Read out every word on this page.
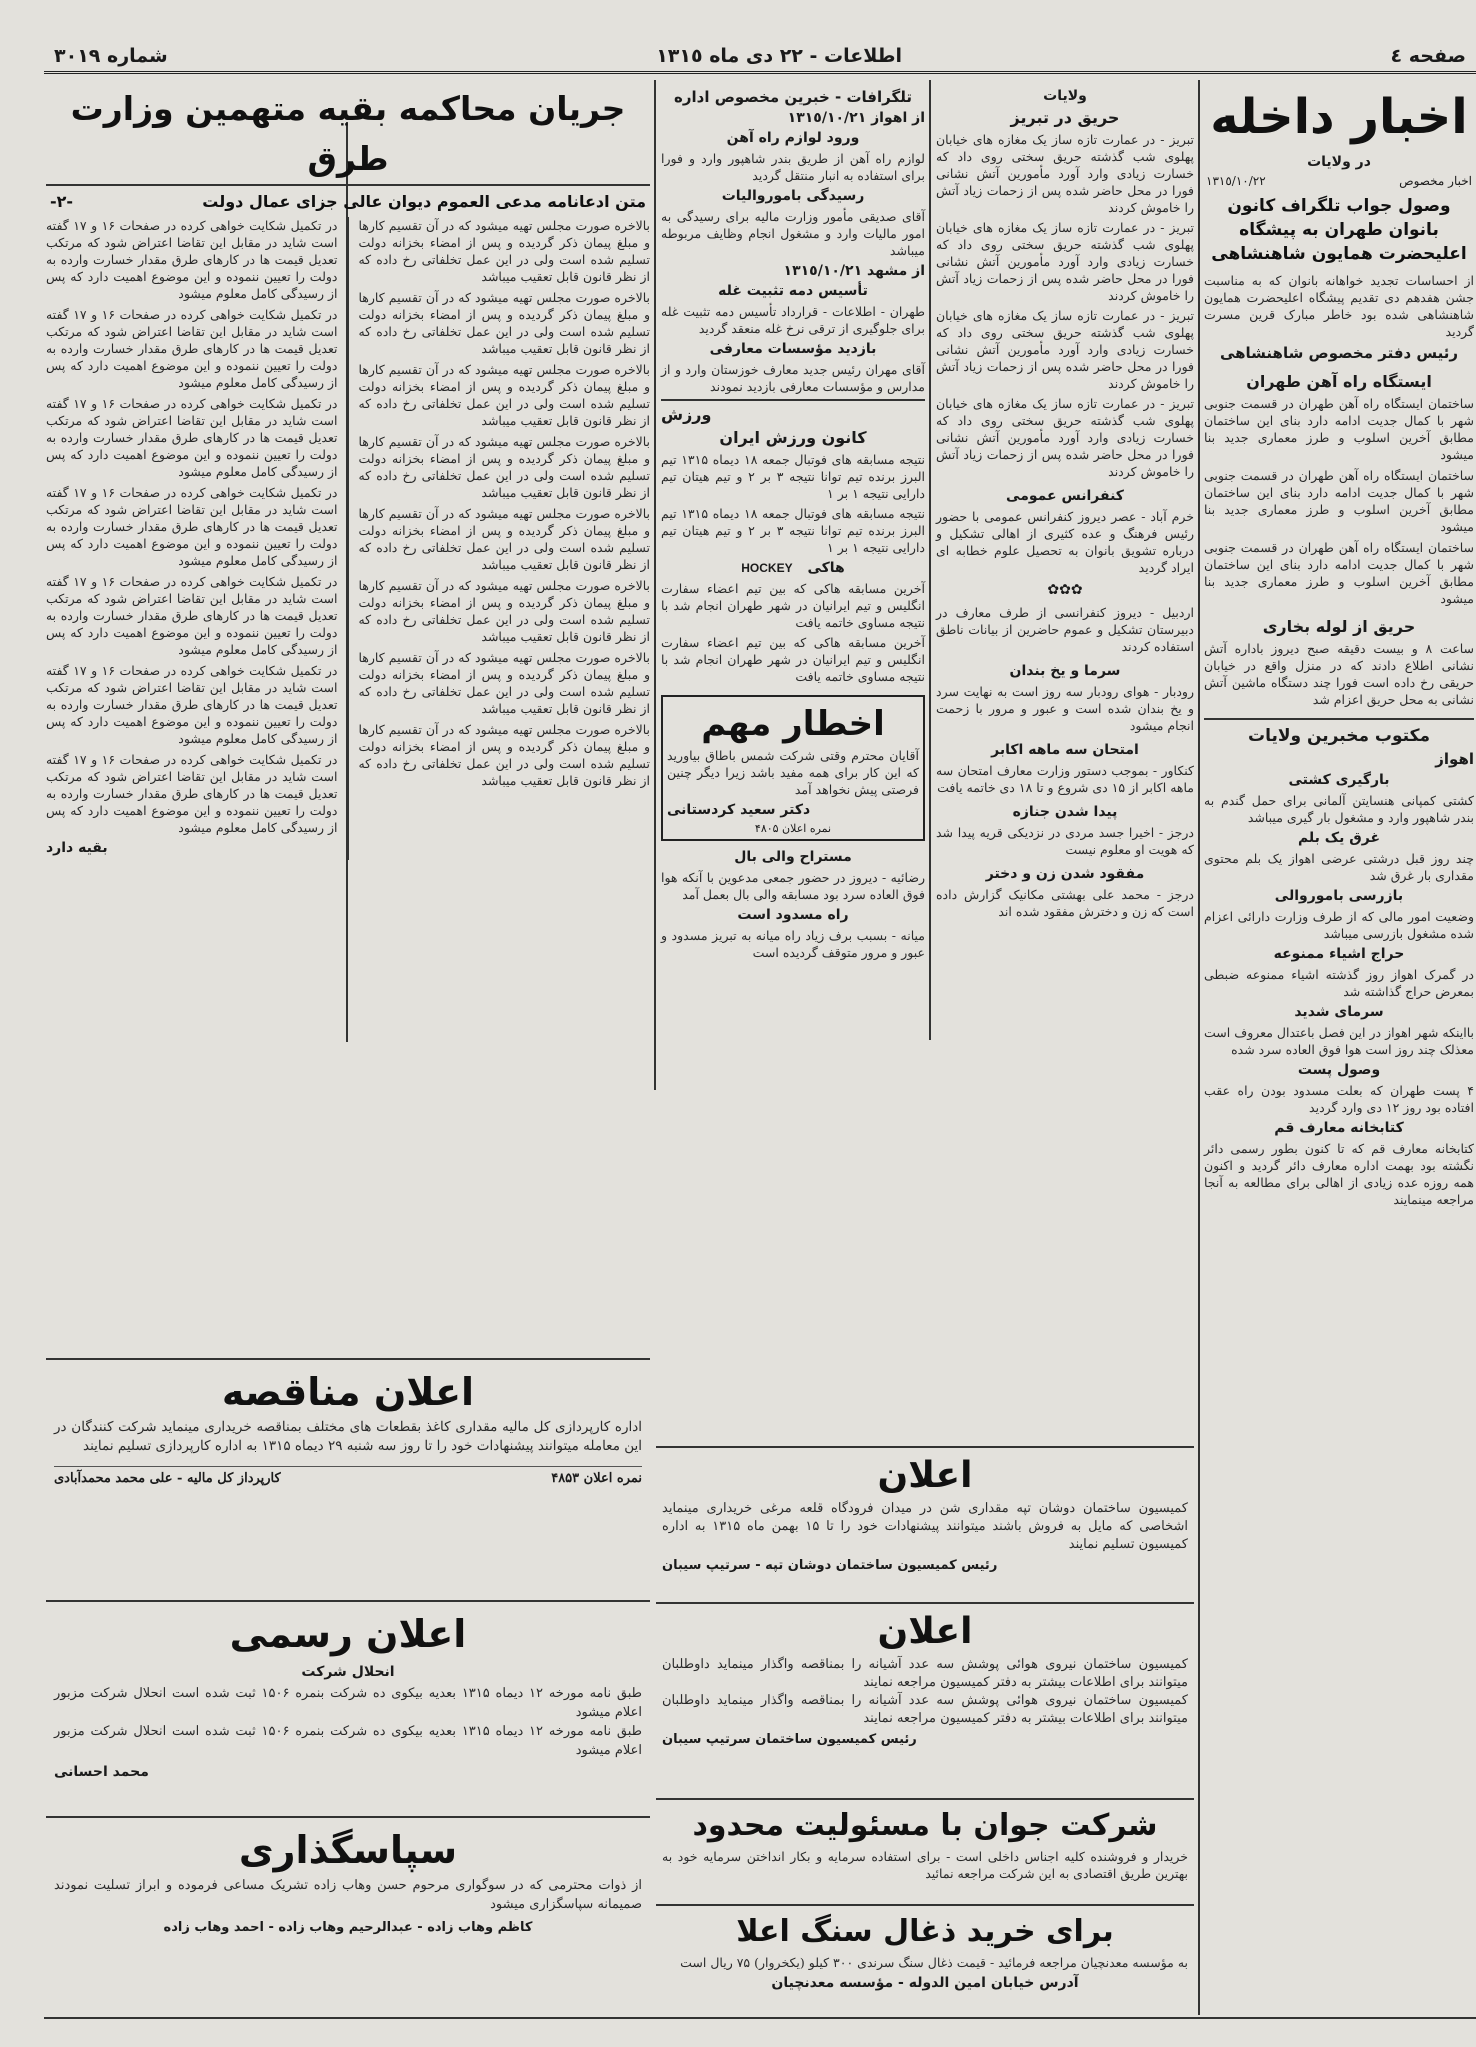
صفحه ٤
اطلاعات - ٢٢ دی ماه ١٣١٥
شماره ٣٠١٩
اخبار داخله
در ولایات
اخبار مخصوص
١٣١٥/١٠/٢٢
وصول جواب تلگراف کانون بانوان طهران به پیشگاه اعلیحضرت همایون شاهنشاهی
از احساسات تجدید خواهانه بانوان که به مناسبت جشن هفدهم دی تقدیم پیشگاه اعلیحضرت همایون شاهنشاهی شده بود خاطر مبارک قرین مسرت گردید
رئیس دفتر مخصوص شاهنشاهی
ایستگاه راه آهن طهران
ساختمان ایستگاه راه آهن طهران در قسمت جنوبی شهر با کمال جدیت ادامه دارد بنای این ساختمان مطابق آخرین اسلوب و طرز معماری جدید بنا میشود
ساختمان ایستگاه راه آهن طهران در قسمت جنوبی شهر با کمال جدیت ادامه دارد بنای این ساختمان مطابق آخرین اسلوب و طرز معماری جدید بنا میشود
ساختمان ایستگاه راه آهن طهران در قسمت جنوبی شهر با کمال جدیت ادامه دارد بنای این ساختمان مطابق آخرین اسلوب و طرز معماری جدید بنا میشود
حریق از لوله بخاری
ساعت ۸ و بیست دقیقه صبح دیروز باداره آتش نشانی اطلاع دادند که در منزل واقع در خیابان حریقی رخ داده است فورا چند دستگاه ماشین آتش نشانی به محل حریق اعزام شد
مکتوب مخبرین ولایات
اهواز
بارگیری کشتی
کشتی کمپانی هنسایتن آلمانی برای حمل گندم به بندر شاهپور وارد و مشغول بار گیری میباشد
غرق یک بلم
چند روز قبل درشتی عرضی اهواز یک بلم محتوی مقداری بار غرق شد
بازرسی باموروالی
وضعیت امور مالی که از طرف وزارت دارائی اعزام شده مشغول بازرسی میباشد
حراج اشیاء ممنوعه
در گمرک اهواز روز گذشته اشیاء ممنوعه ضبطی بمعرض حراج گذاشته شد
سرمای شدید
بااینکه شهر اهواز در این فصل باعتدال معروف است معذلک چند روز است هوا فوق العاده سرد شده
وصول پست
۴ پست طهران که بعلت مسدود بودن راه عقب افتاده بود روز ۱۲ دی وارد گردید
کتابخانه معارف قم
کتابخانه معارف قم که تا کنون بطور رسمی دائر نگشته بود بهمت اداره معارف دائر گردید و اکنون همه روزه عده زیادی از اهالی برای مطالعه به آنجا مراجعه مینمایند
ولایات
حریق در تبریز
تبریز - در عمارت تازه ساز یک مغازه های خیابان پهلوی شب گذشته حریق سختی روی داد که خسارت زیادی وارد آورد مأمورین آتش نشانی فورا در محل حاضر شده پس از زحمات زیاد آتش را خاموش کردند
تبریز - در عمارت تازه ساز یک مغازه های خیابان پهلوی شب گذشته حریق سختی روی داد که خسارت زیادی وارد آورد مأمورین آتش نشانی فورا در محل حاضر شده پس از زحمات زیاد آتش را خاموش کردند
تبریز - در عمارت تازه ساز یک مغازه های خیابان پهلوی شب گذشته حریق سختی روی داد که خسارت زیادی وارد آورد مأمورین آتش نشانی فورا در محل حاضر شده پس از زحمات زیاد آتش را خاموش کردند
تبریز - در عمارت تازه ساز یک مغازه های خیابان پهلوی شب گذشته حریق سختی روی داد که خسارت زیادی وارد آورد مأمورین آتش نشانی فورا در محل حاضر شده پس از زحمات زیاد آتش را خاموش کردند
کنفرانس عمومی
خرم آباد - عصر دیروز کنفرانس عمومی با حضور رئیس فرهنگ و عده کثیری از اهالی تشکیل و درباره تشویق بانوان به تحصیل علوم خطابه ای ایراد گردید
✿✿✿
اردبیل - دیروز کنفرانسی از طرف معارف در دبیرستان تشکیل و عموم حاضرین از بیانات ناطق استفاده کردند
سرما و یخ بندان
رودبار - هوای رودبار سه روز است به نهایت سرد و یخ بندان شده است و عبور و مرور با زحمت انجام میشود
امتحان سه ماهه اکابر
کنکاور - بموجب دستور وزارت معارف امتحان سه ماهه اکابر از ۱۵ دی شروع و تا ۱۸ دی خاتمه یافت
پیدا شدن جنازه
درجز - اخیرا جسد مردی در نزدیکی قریه پیدا شد که هویت او معلوم نیست
مفقود شدن زن و دختر
درجز - محمد علی بهشتی مکانیک گزارش داده است که زن و دخترش مفقود شده اند
تلگرافات - خبرین مخصوص اداره
از اهواز ١٣١٥/١٠/٢١
ورود لوازم راه آهن
لوازم راه آهن از طریق بندر شاهپور وارد و فورا برای استفاده به انبار منتقل گردید
رسیدگی باموروالیات
آقای صدیقی مأمور وزارت مالیه برای رسیدگی به امور مالیات وارد و مشغول انجام وظایف مربوطه میباشد
از مشهد ١٣١٥/١٠/٢١
تأسیس دمه تثبیت غله
طهران - اطلاعات - قرارداد تأسیس دمه تثبیت غله برای جلوگیری از ترقی نرخ غله منعقد گردید
بازدید مؤسسات معارفی
آقای مهران رئیس جدید معارف خوزستان وارد و از مدارس و مؤسسات معارفی بازدید نمودند
ورزش
کانون ورزش ایران
نتیجه مسابقه های فوتبال جمعه ۱۸ دیماه ۱۳۱۵ تیم البرز برنده تیم توانا نتیجه ۳ بر ۲ و تیم هیتان تیم دارایی نتیجه ۱ بر ۱
نتیجه مسابقه های فوتبال جمعه ۱۸ دیماه ۱۳۱۵ تیم البرز برنده تیم توانا نتیجه ۳ بر ۲ و تیم هیتان تیم دارایی نتیجه ۱ بر ۱
هاکی HOCKEY
آخرین مسابقه هاکی که بین تیم اعضاء سفارت انگلیس و تیم ایرانیان در شهر طهران انجام شد با نتیجه مساوی خاتمه یافت
آخرین مسابقه هاکی که بین تیم اعضاء سفارت انگلیس و تیم ایرانیان در شهر طهران انجام شد با نتیجه مساوی خاتمه یافت
اخطار مهم
آقایان محترم وقتی شرکت شمس باطاق بیاورید که این کار برای همه مفید باشد زیرا دیگر چنین فرصتی پیش نخواهد آمد
دکتر سعید کردستانی
نمره اعلان ۴۸۰۵
مستراح والی بال
رضائیه - دیروز در حضور جمعی مدعوین با آنکه هوا فوق العاده سرد بود مسابقه والی بال بعمل آمد
راه مسدود است
میانه - بسبب برف زیاد راه میانه به تبریز مسدود و عبور و مرور متوقف گردیده است
جریان محاکمه بقیه متهمین وزارت طرق
متن ادعانامه مدعی العموم دیوان عالی جزای عمال دولت
-٢-
بالاخره صورت مجلس تهیه میشود که در آن تقسیم کارها و مبلغ پیمان ذکر گردیده و پس از امضاء بخزانه دولت تسلیم شده است ولی در این عمل تخلفاتی رخ داده که از نظر قانون قابل تعقیب میباشد
بالاخره صورت مجلس تهیه میشود که در آن تقسیم کارها و مبلغ پیمان ذکر گردیده و پس از امضاء بخزانه دولت تسلیم شده است ولی در این عمل تخلفاتی رخ داده که از نظر قانون قابل تعقیب میباشد
بالاخره صورت مجلس تهیه میشود که در آن تقسیم کارها و مبلغ پیمان ذکر گردیده و پس از امضاء بخزانه دولت تسلیم شده است ولی در این عمل تخلفاتی رخ داده که از نظر قانون قابل تعقیب میباشد
بالاخره صورت مجلس تهیه میشود که در آن تقسیم کارها و مبلغ پیمان ذکر گردیده و پس از امضاء بخزانه دولت تسلیم شده است ولی در این عمل تخلفاتی رخ داده که از نظر قانون قابل تعقیب میباشد
بالاخره صورت مجلس تهیه میشود که در آن تقسیم کارها و مبلغ پیمان ذکر گردیده و پس از امضاء بخزانه دولت تسلیم شده است ولی در این عمل تخلفاتی رخ داده که از نظر قانون قابل تعقیب میباشد
بالاخره صورت مجلس تهیه میشود که در آن تقسیم کارها و مبلغ پیمان ذکر گردیده و پس از امضاء بخزانه دولت تسلیم شده است ولی در این عمل تخلفاتی رخ داده که از نظر قانون قابل تعقیب میباشد
بالاخره صورت مجلس تهیه میشود که در آن تقسیم کارها و مبلغ پیمان ذکر گردیده و پس از امضاء بخزانه دولت تسلیم شده است ولی در این عمل تخلفاتی رخ داده که از نظر قانون قابل تعقیب میباشد
بالاخره صورت مجلس تهیه میشود که در آن تقسیم کارها و مبلغ پیمان ذکر گردیده و پس از امضاء بخزانه دولت تسلیم شده است ولی در این عمل تخلفاتی رخ داده که از نظر قانون قابل تعقیب میباشد
در تکمیل شکایت خواهی کرده در صفحات ۱۶ و ۱۷ گفته است شاید در مقابل این تقاضا اعتراض شود که مرتکب تعدیل قیمت ها در کارهای طرق مقدار خسارت وارده به دولت را تعیین ننموده و این موضوع اهمیت دارد که پس از رسیدگی کامل معلوم میشود
در تکمیل شکایت خواهی کرده در صفحات ۱۶ و ۱۷ گفته است شاید در مقابل این تقاضا اعتراض شود که مرتکب تعدیل قیمت ها در کارهای طرق مقدار خسارت وارده به دولت را تعیین ننموده و این موضوع اهمیت دارد که پس از رسیدگی کامل معلوم میشود
در تکمیل شکایت خواهی کرده در صفحات ۱۶ و ۱۷ گفته است شاید در مقابل این تقاضا اعتراض شود که مرتکب تعدیل قیمت ها در کارهای طرق مقدار خسارت وارده به دولت را تعیین ننموده و این موضوع اهمیت دارد که پس از رسیدگی کامل معلوم میشود
در تکمیل شکایت خواهی کرده در صفحات ۱۶ و ۱۷ گفته است شاید در مقابل این تقاضا اعتراض شود که مرتکب تعدیل قیمت ها در کارهای طرق مقدار خسارت وارده به دولت را تعیین ننموده و این موضوع اهمیت دارد که پس از رسیدگی کامل معلوم میشود
در تکمیل شکایت خواهی کرده در صفحات ۱۶ و ۱۷ گفته است شاید در مقابل این تقاضا اعتراض شود که مرتکب تعدیل قیمت ها در کارهای طرق مقدار خسارت وارده به دولت را تعیین ننموده و این موضوع اهمیت دارد که پس از رسیدگی کامل معلوم میشود
در تکمیل شکایت خواهی کرده در صفحات ۱۶ و ۱۷ گفته است شاید در مقابل این تقاضا اعتراض شود که مرتکب تعدیل قیمت ها در کارهای طرق مقدار خسارت وارده به دولت را تعیین ننموده و این موضوع اهمیت دارد که پس از رسیدگی کامل معلوم میشود
در تکمیل شکایت خواهی کرده در صفحات ۱۶ و ۱۷ گفته است شاید در مقابل این تقاضا اعتراض شود که مرتکب تعدیل قیمت ها در کارهای طرق مقدار خسارت وارده به دولت را تعیین ننموده و این موضوع اهمیت دارد که پس از رسیدگی کامل معلوم میشود
بقیه دارد
اعلان مناقصه
اداره کارپردازی کل مالیه مقداری کاغذ بقطعات های مختلف بمناقصه خریداری مینماید شرکت کنندگان در این معامله میتوانند پیشنهادات خود را تا روز سه شنبه ۲۹ دیماه ۱۳۱۵ به اداره کارپردازی تسلیم نمایند
نمره اعلان ۴۸۵۳
کارپرداز کل مالیه - علی محمد محمدآبادی
اعلان رسمی
انحلال شرکت
طبق نامه مورخه ۱۲ دیماه ۱۳۱۵ بعدیه بیکوی ده شرکت بنمره ۱۵۰۶ ثبت شده است انحلال شرکت مزبور اعلام میشود
طبق نامه مورخه ۱۲ دیماه ۱۳۱۵ بعدیه بیکوی ده شرکت بنمره ۱۵۰۶ ثبت شده است انحلال شرکت مزبور اعلام میشود
محمد احسانی
سپاسگذاری
از ذوات محترمی که در سوگواری مرحوم حسن وهاب زاده تشریک مساعی فرموده و ابراز تسلیت نمودند صمیمانه سپاسگزاری میشود
کاظم وهاب زاده - عبدالرحیم وهاب زاده - احمد وهاب زاده
اعلان
کمیسیون ساختمان دوشان تپه مقداری شن در میدان فرودگاه قلعه مرغی خریداری مینماید اشخاصی که مایل به فروش باشند میتوانند پیشنهادات خود را تا ۱۵ بهمن ماه ۱۳۱۵ به اداره کمیسیون تسلیم نمایند
رئیس کمیسیون ساختمان دوشان تپه - سرتیپ سیبان
اعلان
کمیسیون ساختمان نیروی هوائی پوشش سه عدد آشیانه را بمناقصه واگذار مینماید داوطلبان میتوانند برای اطلاعات بیشتر به دفتر کمیسیون مراجعه نمایند
کمیسیون ساختمان نیروی هوائی پوشش سه عدد آشیانه را بمناقصه واگذار مینماید داوطلبان میتوانند برای اطلاعات بیشتر به دفتر کمیسیون مراجعه نمایند
رئیس کمیسیون ساختمان سرتیپ سیبان
شرکت جوان با مسئولیت محدود
خریدار و فروشنده کلیه اجناس داخلی است - برای استفاده سرمایه و بکار انداختن سرمایه خود به بهترین طریق اقتصادی به این شرکت مراجعه نمائید
برای خرید ذغال سنگ اعلا
به مؤسسه معدنچیان مراجعه فرمائید - قیمت ذغال سنگ سرندی ۳۰۰ کیلو (یکخروار) ۷۵ ریال است
آدرس خیابان امین الدوله - مؤسسه معدنچیان
